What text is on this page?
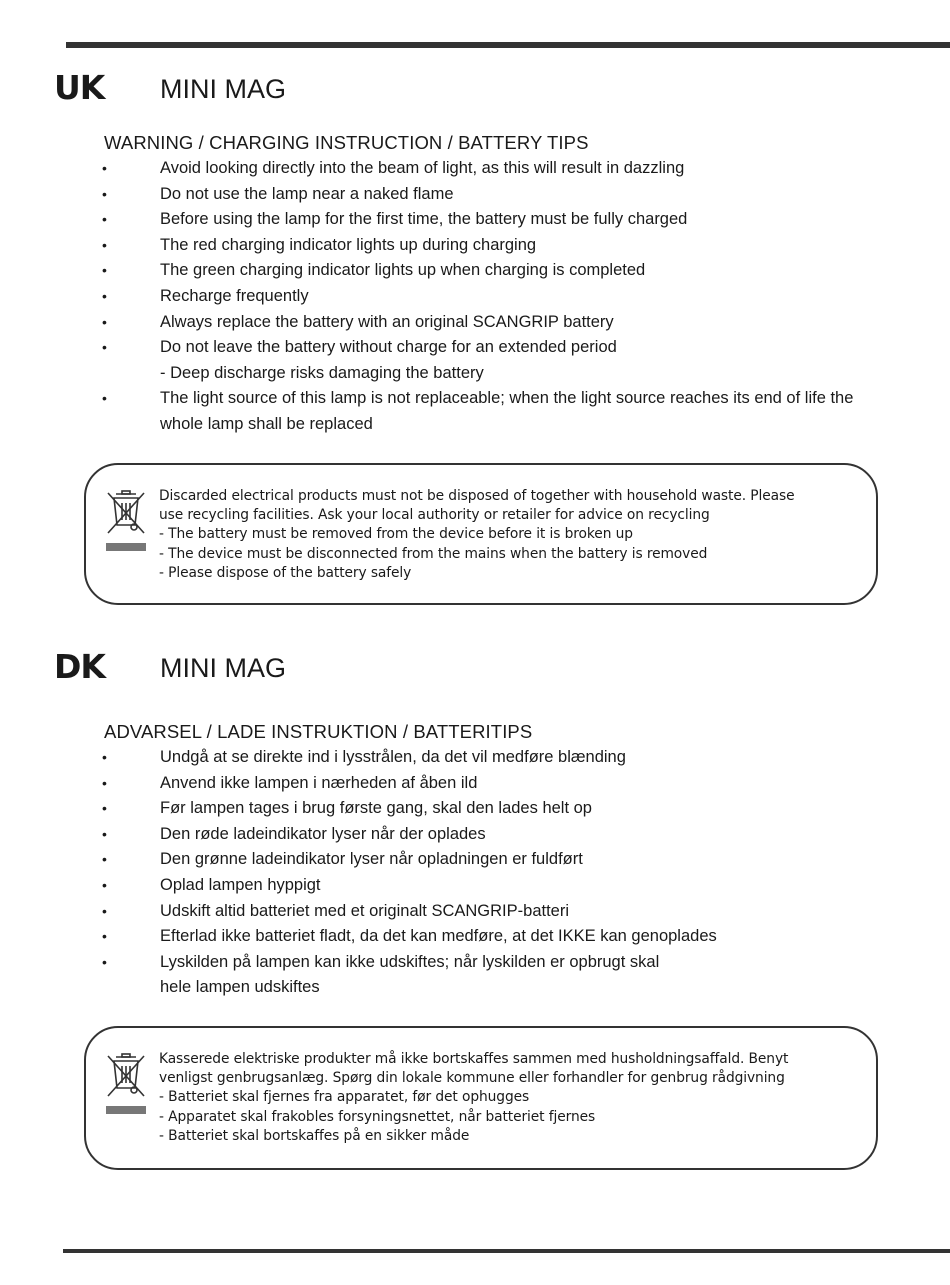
UK MINI MAG
WARNING / CHARGING INSTRUCTION / BATTERY TIPS
•	Avoid looking directly into the beam of light, as this will result in dazzling
•	Do not use the lamp near a naked flame
•	Before using the lamp for the first time, the battery must be fully charged
•	The red charging indicator lights up during charging
•	The green charging indicator lights up when charging is completed
•	Recharge frequently
•	Always replace the battery with an original SCANGRIP battery
•	Do not leave the battery without charge for an extended period
- Deep discharge risks damaging the battery
•	The light source of this lamp is not replaceable; when the light source reaches its end of life the whole lamp shall be replaced
Discarded electrical products must not be disposed of together with household waste. Please
use recycling facilities. Ask your local authority or retailer for advice on recycling
- The battery must be removed from the device before it is broken up
- The device must be disconnected from the mains when the battery is removed
- Please dispose of the battery safely
DK MINI MAG
ADVARSEL / LADE INSTRUKTION / BATTERITIPS
•	Undgå at se direkte ind i lysstrålen, da det vil medføre blænding
•	Anvend ikke lampen i nærheden af åben ild
•	Før lampen tages i brug første gang, skal den lades helt op
•	Den røde ladeindikator lyser når der oplades
•	Den grønne ladeindikator lyser når opladningen er fuldført
•	Oplad lampen hyppigt
•	Udskift altid batteriet med et originalt SCANGRIP-batteri
•	Efterlad ikke batteriet fladt, da det kan medføre, at det IKKE kan genoplades
•	Lyskilden på lampen kan ikke udskiftes; når lyskilden er opbrugt skal
hele lampen udskiftes
Kasserede elektriske produkter må ikke bortskaffes sammen med husholdningsaffald. Benyt
venligst genbrugsanlæg. Spørg din lokale kommune eller forhandler for genbrug rådgivning
- Batteriet skal fjernes fra apparatet, før det ophugges
- Apparatet skal frakobles forsyningsnettet, når batteriet fjernes
- Batteriet skal bortskaffes på en sikker måde
